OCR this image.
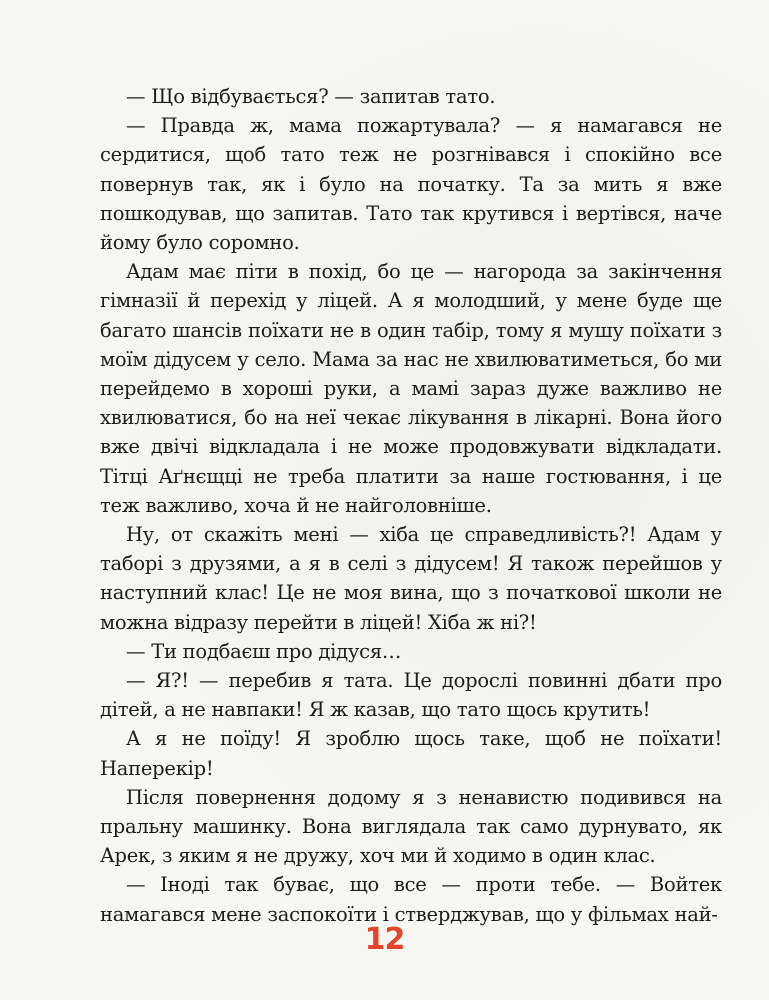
— Що відбувається? — запитав тато.

— Правда ж, мама пожартувала? — я намагався не сердитися, щоб тато теж не розгнівався і спокійно все повернув так, як і було на початку. Та за мить я вже пошкодував, що запитав. Тато так крутився і вертівся, наче йому було соромно.

Адам має піти в похід, бо це — нагорода за закінчення гімназії й перехід у ліцей. А я молодший, у мене буде ще багато шансів поїхати не в один табір, тому я мушу поїхати з моїм дідусем у село. Мама за нас не хвилюватиметься, бо ми перейдемо в хороші руки, а мамі зараз дуже важливо не хвилюватися, бо на неї чекає лікування в лікарні. Вона його вже двічі відкладала і не може продовжувати відкладати. Тітці Аґнєщці не треба платити за наше гостювання, і це теж важливо, хоча й не найголовніше.

Ну, от скажіть мені — хіба це справедливість?! Адам у таборі з друзями, а я в селі з дідусем! Я також перейшов у наступний клас! Це не моя вина, що з початкової школи не можна відразу перейти в ліцей! Хіба ж ні?!

— Ти подбаєш про дідуся…

— Я?! — перебив я тата. Це дорослі повинні дбати про дітей, а не навпаки! Я ж казав, що тато щось крутить!

А я не поїду! Я зроблю щось таке, щоб не поїхати! Наперекір!

Після повернення додому я з ненавистю подивився на пральну машинку. Вона виглядала так само дурнувато, як Арек, з яким я не дружу, хоч ми й ходимо в один клас.

— Іноді так буває, що все — проти тебе. — Войтек намагався мене заспокоїти і стверджував, що у фільмах най-

12
